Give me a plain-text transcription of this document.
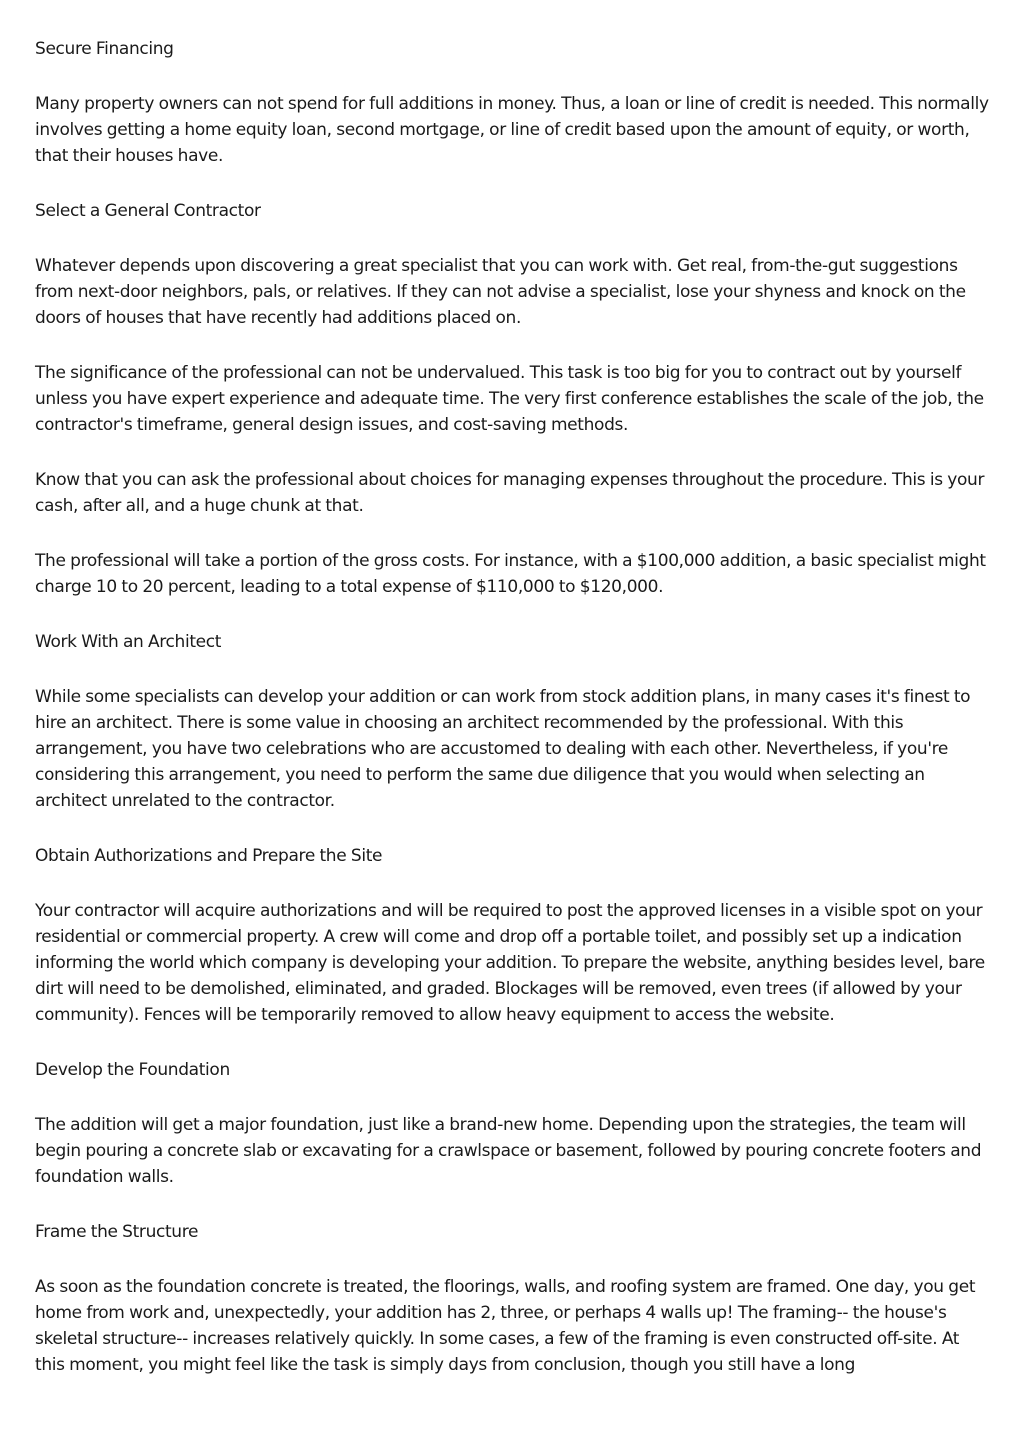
Secure Financing

Many property owners can not spend for full additions in money. Thus, a loan or line of credit is needed. This normally involves getting a home equity loan, second mortgage, or line of credit based upon the amount of equity, or worth, that their houses have.

Select a General Contractor

Whatever depends upon discovering a great specialist that you can work with. Get real, from-the-gut suggestions from next-door neighbors, pals, or relatives. If they can not advise a specialist, lose your shyness and knock on the doors of houses that have recently had additions placed on.

The significance of the professional can not be undervalued. This task is too big for you to contract out by yourself unless you have expert experience and adequate time. The very first conference establishes the scale of the job, the contractor's timeframe, general design issues, and cost-saving methods.

Know that you can ask the professional about choices for managing expenses throughout the procedure. This is your cash, after all, and a huge chunk at that.

The professional will take a portion of the gross costs. For instance, with a $100,000 addition, a basic specialist might charge 10 to 20 percent, leading to a total expense of $110,000 to $120,000.

Work With an Architect

While some specialists can develop your addition or can work from stock addition plans, in many cases it's finest to hire an architect. There is some value in choosing an architect recommended by the professional. With this arrangement, you have two celebrations who are accustomed to dealing with each other. Nevertheless, if you're considering this arrangement, you need to perform the same due diligence that you would when selecting an architect unrelated to the contractor.

Obtain Authorizations and Prepare the Site

Your contractor will acquire authorizations and will be required to post the approved licenses in a visible spot on your residential or commercial property. A crew will come and drop off a portable toilet, and possibly set up a indication informing the world which company is developing your addition. To prepare the website, anything besides level, bare dirt will need to be demolished, eliminated, and graded. Blockages will be removed, even trees (if allowed by your community). Fences will be temporarily removed to allow heavy equipment to access the website.

Develop the Foundation

The addition will get a major foundation, just like a brand-new home. Depending upon the strategies, the team will begin pouring a concrete slab or excavating for a crawlspace or basement, followed by pouring concrete footers and foundation walls.

Frame the Structure

As soon as the foundation concrete is treated, the floorings, walls, and roofing system are framed. One day, you get home from work and, unexpectedly, your addition has 2, three, or perhaps 4 walls up! The framing-- the house's skeletal structure-- increases relatively quickly. In some cases, a few of the framing is even constructed off-site. At this moment, you might feel like the task is simply days from conclusion, though you still have a long
